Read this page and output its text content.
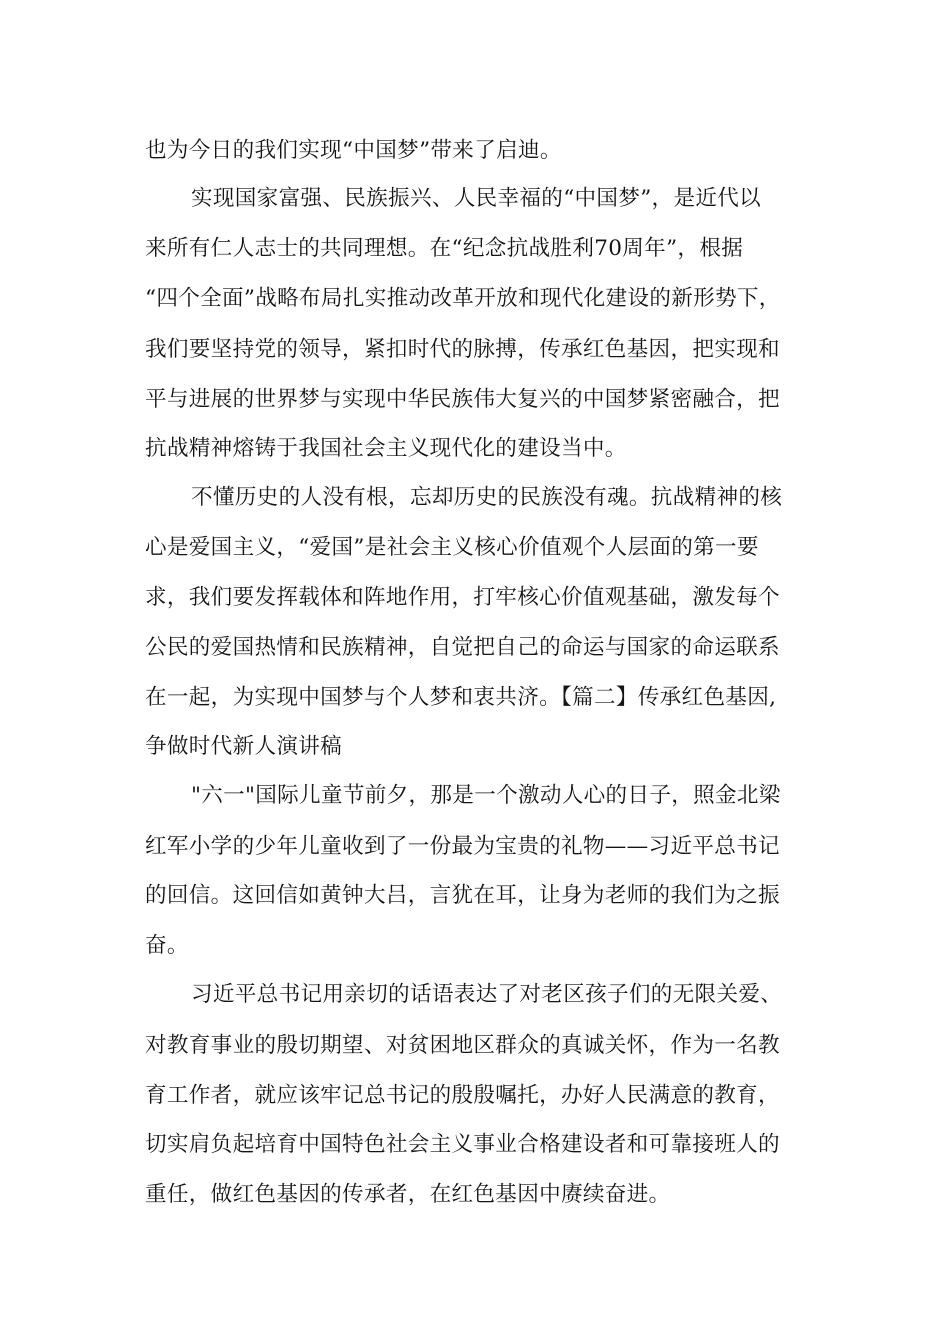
也为今日的我们实现“中国梦”带来了启迪。

实现国家富强、民族振兴、人民幸福的“中国梦”，是近代以

来所有仁人志士的共同理想。在“纪念抗战胜利70周年”，根据

“四个全面”战略布局扎实推动改革开放和现代化建设的新形势下，

我们要坚持党的领导，紧扣时代的脉搏，传承红色基因，把实现和

平与进展的世界梦与实现中华民族伟大复兴的中国梦紧密融合，把

抗战精神熔铸于我国社会主义现代化的建设当中。

不懂历史的人没有根，忘却历史的民族没有魂。抗战精神的核

心是爱国主义，“爱国”是社会主义核心价值观个人层面的第一要

求，我们要发挥载体和阵地作用，打牢核心价值观基础，激发每个

公民的爱国热情和民族精神，自觉把自己的命运与国家的命运联系

在一起，为实现中国梦与个人梦和衷共济。【篇二】传承红色基因,

争做时代新人演讲稿

"六一"国际儿童节前夕，那是一个激动人心的日子，照金北梁

红军小学的少年儿童收到了一份最为宝贵的礼物——习近平总书记

的回信。这回信如黄钟大吕，言犹在耳，让身为老师的我们为之振

奋。

习近平总书记用亲切的话语表达了对老区孩子们的无限关爱、

对教育事业的殷切期望、对贫困地区群众的真诚关怀，作为一名教

育工作者，就应该牢记总书记的殷殷嘱托，办好人民满意的教育，

切实肩负起培育中国特色社会主义事业合格建设者和可靠接班人的

重任，做红色基因的传承者，在红色基因中赓续奋进。
